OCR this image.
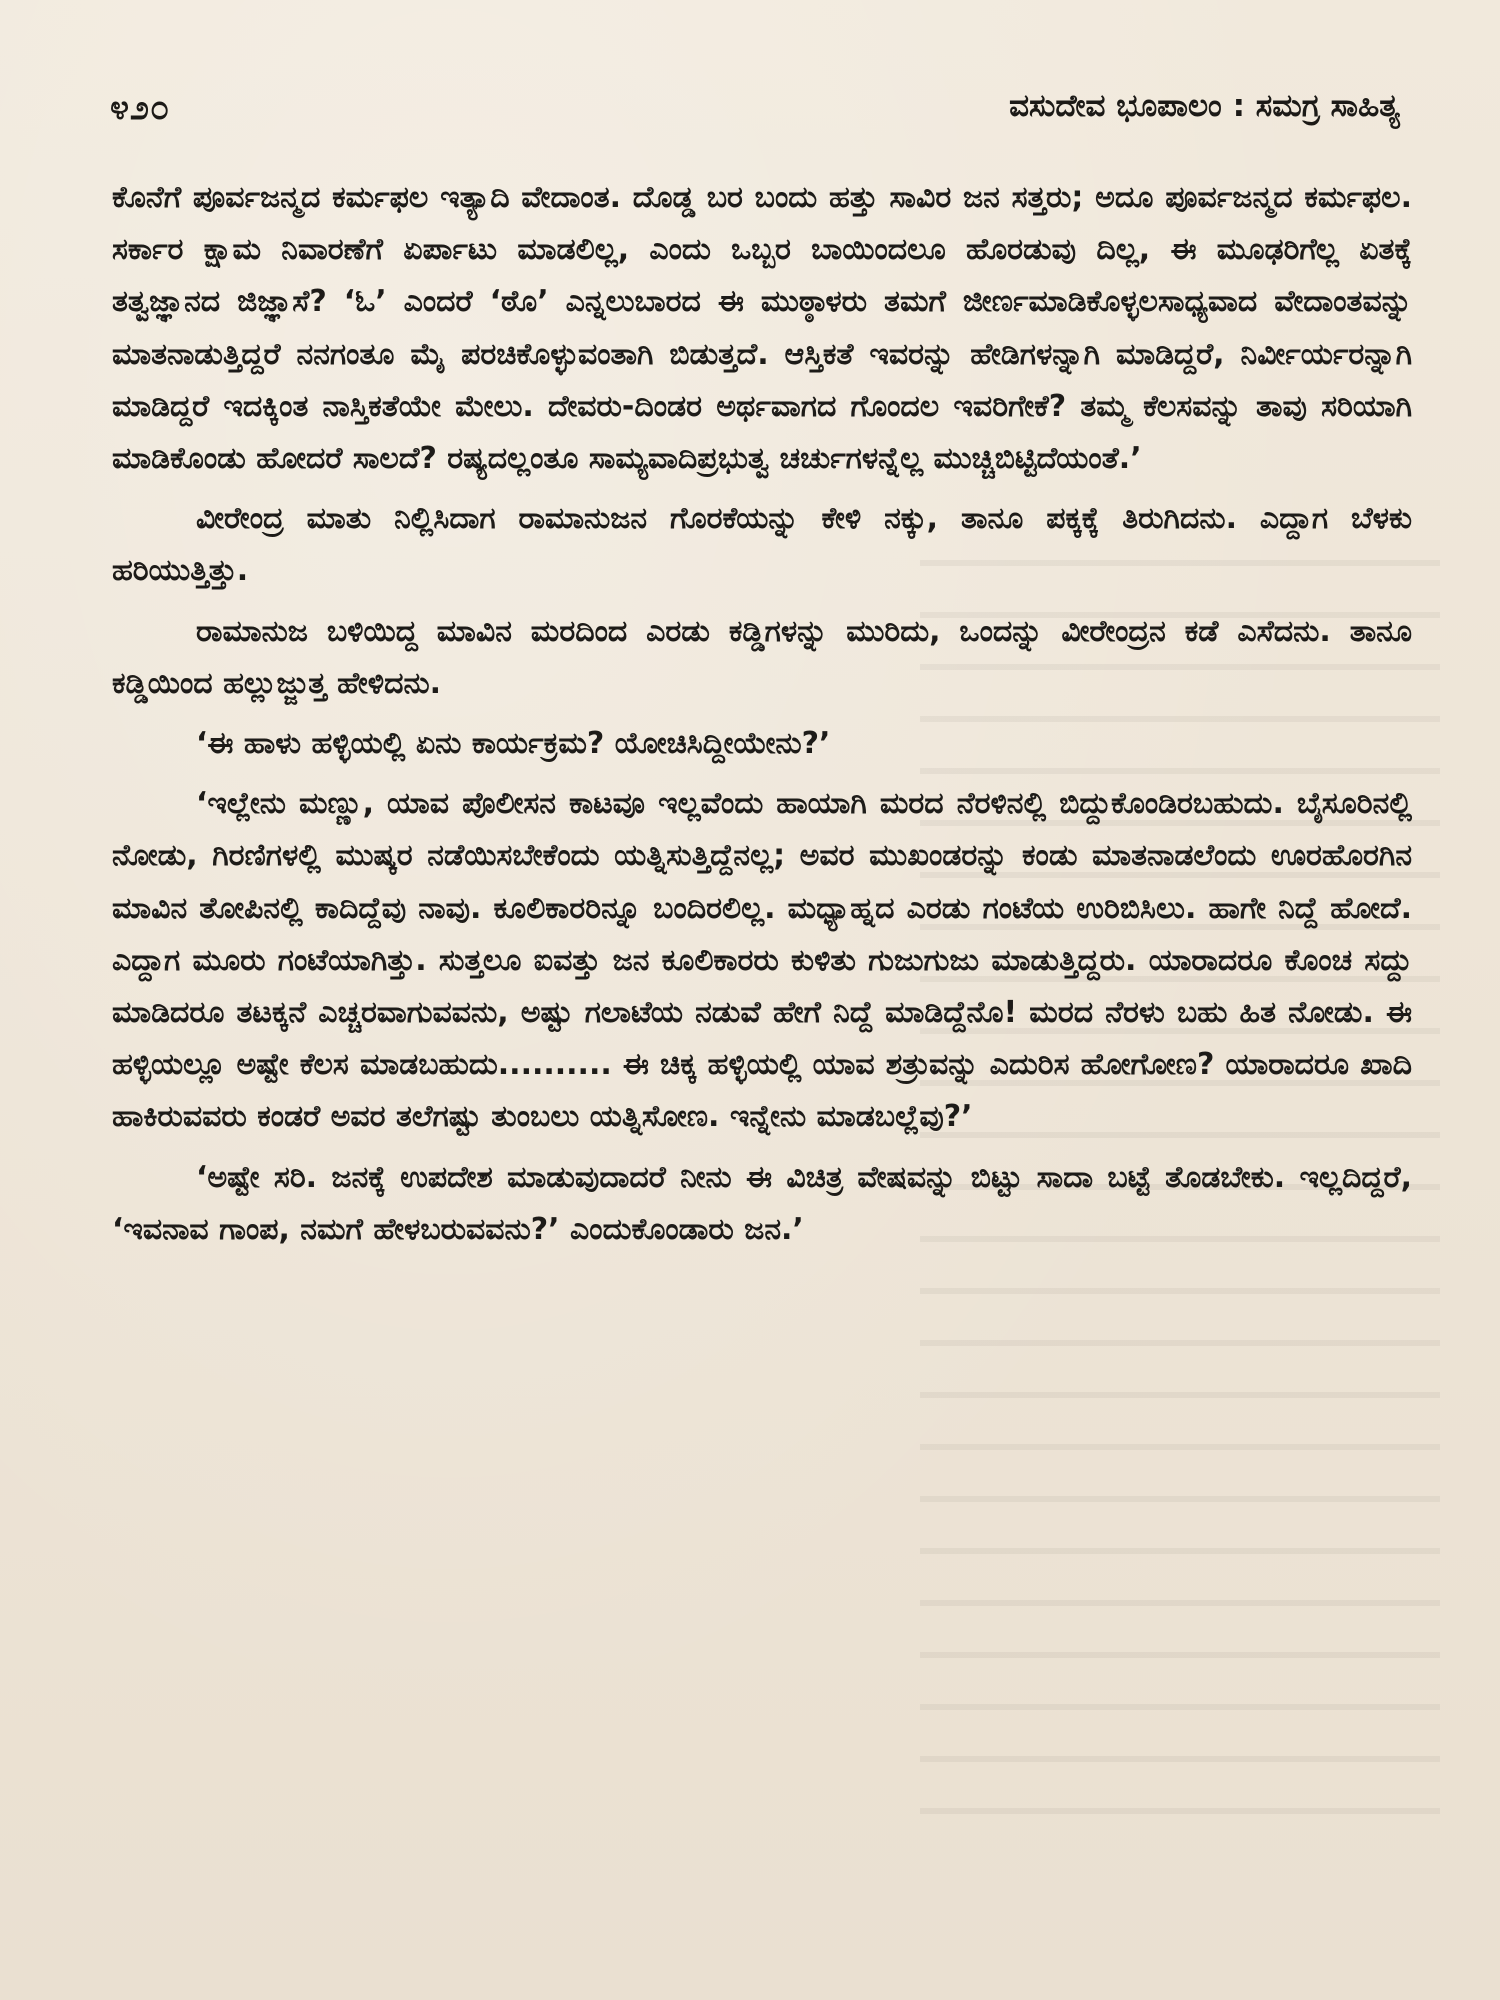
೪೨೦	ವಸುದೇವ ಭೂಪಾಲಂ : ಸಮಗ್ರ ಸಾಹಿತ್ಯ

ಕೊನೆಗೆ ಪೂರ್ವಜನ್ಮದ ಕರ್ಮಫಲ ಇತ್ಯಾದಿ ವೇದಾಂತ. ದೊಡ್ಡ ಬರ ಬಂದು ಹತ್ತು ಸಾವಿರ ಜನ ಸತ್ತರು; ಅದೂ ಪೂರ್ವಜನ್ಮದ ಕರ್ಮಫಲ. ಸರ್ಕಾರ ಕ್ಷಾಮ ನಿವಾರಣೆಗೆ ಏರ್ಪಾಟು ಮಾಡಲಿಲ್ಲ, ಎಂದು ಒಬ್ಬರ ಬಾಯಿಂದಲೂ ಹೊರಡುವು ದಿಲ್ಲ, ಈ ಮೂಢರಿಗೆಲ್ಲ ಏತಕ್ಕೆ ತತ್ವಜ್ಞಾನದ ಜಿಜ್ಞಾಸೆ? ‘ಓ’ ಎಂದರೆ ‘ಠೊ’ ಎನ್ನಲುಬಾರದ ಈ ಮುಠ್ಠಾಳರು ತಮಗೆ ಜೀರ್ಣಮಾಡಿಕೊಳ್ಳಲಸಾಧ್ಯವಾದ ವೇದಾಂತವನ್ನು ಮಾತನಾಡುತ್ತಿದ್ದರೆ ನನಗಂತೂ ಮೈ ಪರಚಿಕೊಳ್ಳುವಂತಾಗಿ ಬಿಡುತ್ತದೆ. ಆಸ್ತಿಕತೆ ಇವರನ್ನು ಹೇಡಿಗಳನ್ನಾಗಿ ಮಾಡಿದ್ದರೆ, ನಿರ್ವೀರ್ಯರನ್ನಾಗಿ ಮಾಡಿದ್ದರೆ ಇದಕ್ಕಿಂತ ನಾಸ್ತಿಕತೆಯೇ ಮೇಲು. ದೇವರು-ದಿಂಡರ ಅರ್ಥವಾಗದ ಗೊಂದಲ ಇವರಿಗೇಕೆ? ತಮ್ಮ ಕೆಲಸವನ್ನು ತಾವು ಸರಿಯಾಗಿ ಮಾಡಿಕೊಂಡು ಹೋದರೆ ಸಾಲದೆ? ರಷ್ಯದಲ್ಲಂತೂ ಸಾಮ್ಯವಾದಿಪ್ರಭುತ್ವ ಚರ್ಚುಗಳನ್ನೆಲ್ಲ ಮುಚ್ಚಿಬಿಟ್ಟಿದೆಯಂತೆ.’

ವೀರೇಂದ್ರ ಮಾತು ನಿಲ್ಲಿಸಿದಾಗ ರಾಮಾನುಜನ ಗೊರಕೆಯನ್ನು ಕೇಳಿ ನಕ್ಕು, ತಾನೂ ಪಕ್ಕಕ್ಕೆ ತಿರುಗಿದನು. ಎದ್ದಾಗ ಬೆಳಕು ಹರಿಯುತ್ತಿತ್ತು.

ರಾಮಾನುಜ ಬಳಿಯಿದ್ದ ಮಾವಿನ ಮರದಿಂದ ಎರಡು ಕಡ್ಡಿಗಳನ್ನು ಮುರಿದು, ಒಂದನ್ನು ವೀರೇಂದ್ರನ ಕಡೆ ಎಸೆದನು. ತಾನೂ ಕಡ್ಡಿಯಿಂದ ಹಲ್ಲುಜ್ಜುತ್ತ ಹೇಳಿದನು.

‘ಈ ಹಾಳು ಹಳ್ಳಿಯಲ್ಲಿ ಏನು ಕಾರ್ಯಕ್ರಮ? ಯೋಚಿಸಿದ್ದೀಯೇನು?’

‘ಇಲ್ಲೇನು ಮಣ್ಣು, ಯಾವ ಪೊಲೀಸನ ಕಾಟವೂ ಇಲ್ಲವೆಂದು ಹಾಯಾಗಿ ಮರದ ನೆರಳಿನಲ್ಲಿ ಬಿದ್ದುಕೊಂಡಿರಬಹುದು. ಬೈಸೂರಿನಲ್ಲಿ ನೋಡು, ಗಿರಣಿಗಳಲ್ಲಿ ಮುಷ್ಕರ ನಡೆಯಿಸಬೇಕೆಂದು ಯತ್ನಿಸುತ್ತಿದ್ದೆನಲ್ಲ; ಅವರ ಮುಖಂಡರನ್ನು ಕಂಡು ಮಾತನಾಡಲೆಂದು ಊರಹೊರಗಿನ ಮಾವಿನ ತೋಪಿನಲ್ಲಿ ಕಾದಿದ್ದೆವು ನಾವು. ಕೂಲಿಕಾರರಿನ್ನೂ ಬಂದಿರಲಿಲ್ಲ. ಮಧ್ಯಾಹ್ನದ ಎರಡು ಗಂಟೆಯ ಉರಿಬಿಸಿಲು. ಹಾಗೇ ನಿದ್ದೆ ಹೋದೆ. ಎದ್ದಾಗ ಮೂರು ಗಂಟೆಯಾಗಿತ್ತು. ಸುತ್ತಲೂ ಐವತ್ತು ಜನ ಕೂಲಿಕಾರರು ಕುಳಿತು ಗುಜುಗುಜು ಮಾಡುತ್ತಿದ್ದರು. ಯಾರಾದರೂ ಕೊಂಚ ಸದ್ದು ಮಾಡಿದರೂ ತಟಕ್ಕನೆ ಎಚ್ಚರವಾಗುವವನು, ಅಷ್ಟು ಗಲಾಟೆಯ ನಡುವೆ ಹೇಗೆ ನಿದ್ದೆ ಮಾಡಿದ್ದೆನೊ! ಮರದ ನೆರಳು ಬಹು ಹಿತ ನೋಡು. ಈ ಹಳ್ಳಿಯಲ್ಲೂ ಅಷ್ಟೇ ಕೆಲಸ ಮಾಡಬಹುದು.......... ಈ ಚಿಕ್ಕ ಹಳ್ಳಿಯಲ್ಲಿ ಯಾವ ಶತ್ರುವನ್ನು ಎದುರಿಸ ಹೋಗೋಣ? ಯಾರಾದರೂ ಖಾದಿ ಹಾಕಿರುವವರು ಕಂಡರೆ ಅವರ ತಲೆಗಷ್ಟು ತುಂಬಲು ಯತ್ನಿಸೋಣ. ಇನ್ನೇನು ಮಾಡಬಲ್ಲೆವು?’

‘ಅಷ್ಟೇ ಸರಿ. ಜನಕ್ಕೆ ಉಪದೇಶ ಮಾಡುವುದಾದರೆ ನೀನು ಈ ವಿಚಿತ್ರ ವೇಷವನ್ನು ಬಿಟ್ಟು ಸಾದಾ ಬಟ್ಟೆ ತೊಡಬೇಕು. ಇಲ್ಲದಿದ್ದರೆ, ‘ಇವನಾವ ಗಾಂಪ, ನಮಗೆ ಹೇಳಬರುವವನು?’ ಎಂದುಕೊಂಡಾರು ಜನ.’
